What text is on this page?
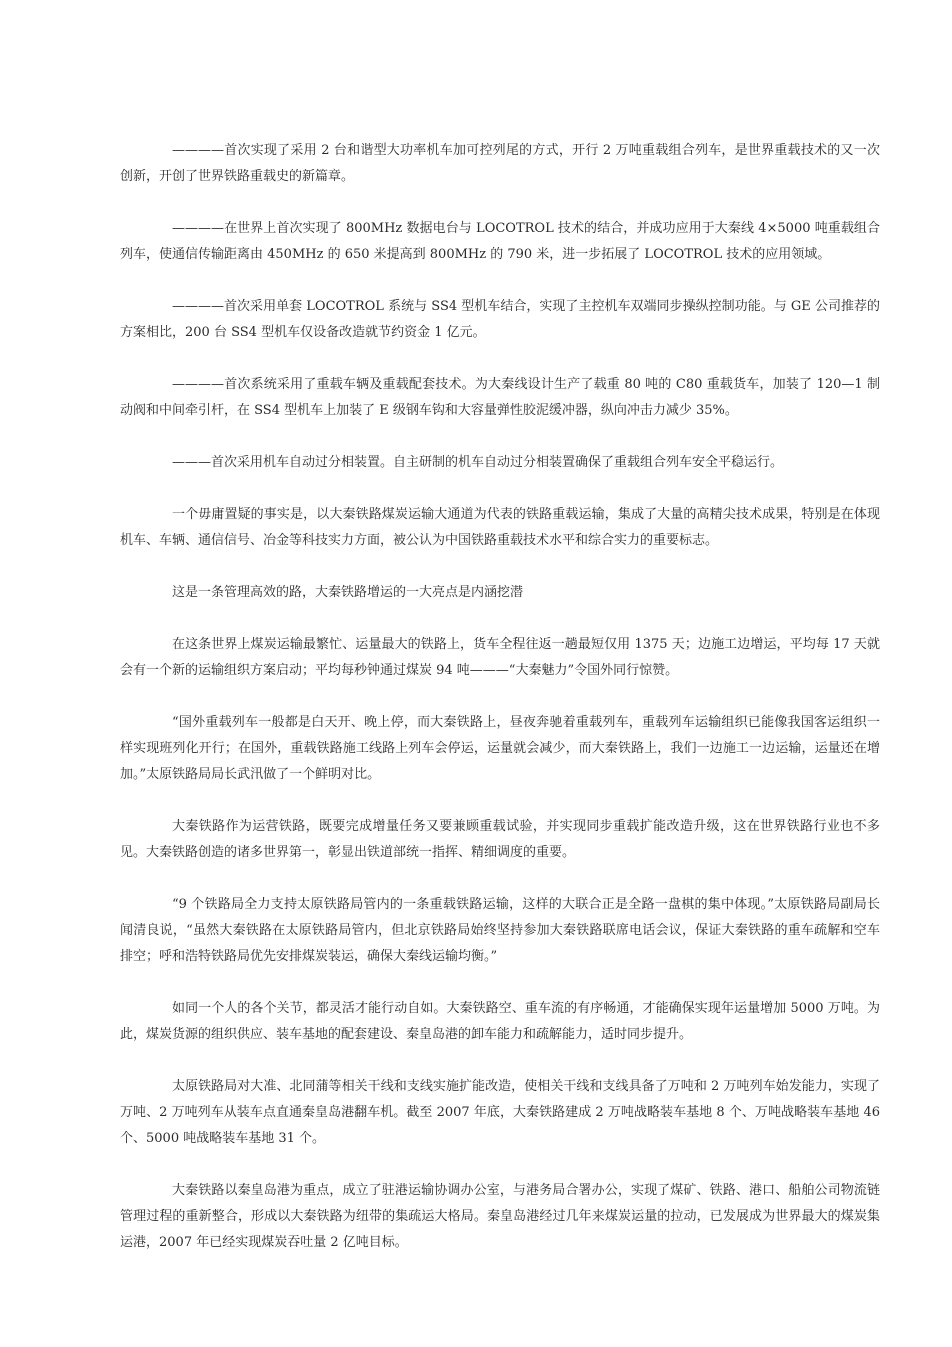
————首次实现了采用 2 台和谐型大功率机车加可控列尾的方式，开行 2 万吨重载组合列车，是世界重载技术的又一次创新，开创了世界铁路重载史的新篇章。

————在世界上首次实现了 800MHz 数据电台与 LOCOTROL 技术的结合，并成功应用于大秦线 4×5000 吨重载组合列车，使通信传输距离由 450MHz 的 650 米提高到 800MHz 的 790 米，进一步拓展了 LOCOTROL 技术的应用领域。

————首次采用单套 LOCOTROL 系统与 SS4 型机车结合，实现了主控机车双端同步操纵控制功能。与 GE 公司推荐的方案相比，200 台 SS4 型机车仅设备改造就节约资金 1 亿元。

————首次系统采用了重载车辆及重载配套技术。为大秦线设计生产了载重 80 吨的 C80 重载货车，加装了 120—1 制动阀和中间牵引杆，在 SS4 型机车上加装了 E 级钢车钩和大容量弹性胶泥缓冲器，纵向冲击力减少 35%。

———首次采用机车自动过分相装置。自主研制的机车自动过分相装置确保了重载组合列车安全平稳运行。

一个毋庸置疑的事实是，以大秦铁路煤炭运输大通道为代表的铁路重载运输，集成了大量的高精尖技术成果，特别是在体现机车、车辆、通信信号、冶金等科技实力方面，被公认为中国铁路重载技术水平和综合实力的重要标志。

这是一条管理高效的路，大秦铁路增运的一大亮点是内涵挖潜

在这条世界上煤炭运输最繁忙、运量最大的铁路上，货车全程往返一趟最短仅用 1375 天；边施工边增运，平均每 17 天就会有一个新的运输组织方案启动；平均每秒钟通过煤炭 94 吨———“大秦魅力”令国外同行惊赞。

“国外重载列车一般都是白天开、晚上停，而大秦铁路上，昼夜奔驰着重载列车，重载列车运输组织已能像我国客运组织一样实现班列化开行；在国外，重载铁路施工线路上列车会停运，运量就会减少，而大秦铁路上，我们一边施工一边运输，运量还在增加。”太原铁路局局长武汛做了一个鲜明对比。

大秦铁路作为运营铁路，既要完成增量任务又要兼顾重载试验，并实现同步重载扩能改造升级，这在世界铁路行业也不多见。大秦铁路创造的诸多世界第一，彰显出铁道部统一指挥、精细调度的重要。

“9 个铁路局全力支持太原铁路局管内的一条重载铁路运输，这样的大联合正是全路一盘棋的集中体现。”太原铁路局副局长闻清良说，“虽然大秦铁路在太原铁路局管内，但北京铁路局始终坚持参加大秦铁路联席电话会议，保证大秦铁路的重车疏解和空车排空；呼和浩特铁路局优先安排煤炭装运，确保大秦线运输均衡。”

如同一个人的各个关节，都灵活才能行动自如。大秦铁路空、重车流的有序畅通，才能确保实现年运量增加 5000 万吨。为此，煤炭货源的组织供应、装车基地的配套建设、秦皇岛港的卸车能力和疏解能力，适时同步提升。

太原铁路局对大准、北同蒲等相关干线和支线实施扩能改造，使相关干线和支线具备了万吨和 2 万吨列车始发能力，实现了万吨、2 万吨列车从装车点直通秦皇岛港翻车机。截至 2007 年底，大秦铁路建成 2 万吨战略装车基地 8 个、万吨战略装车基地 46 个、5000 吨战略装车基地 31 个。

大秦铁路以秦皇岛港为重点，成立了驻港运输协调办公室，与港务局合署办公，实现了煤矿、铁路、港口、船舶公司物流链管理过程的重新整合，形成以大秦铁路为纽带的集疏运大格局。秦皇岛港经过几年来煤炭运量的拉动，已发展成为世界最大的煤炭集运港，2007 年已经实现煤炭吞吐量 2 亿吨目标。
